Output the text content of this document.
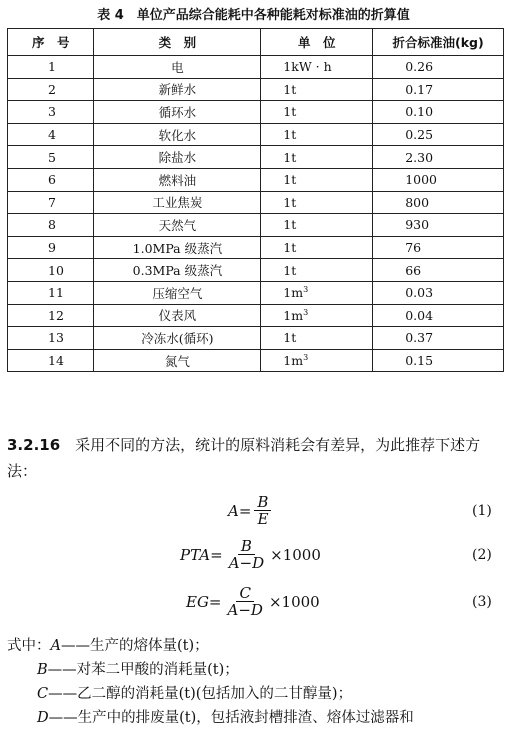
表 4　单位产品综合能耗中各种能耗对标准油的折算值
序　号	类　别	单　位	折合标准油(kg)
1	电	1kW · h	0.26
2	新鲜水	1t	0.17
3	循环水	1t	0.10
4	软化水	1t	0.25
5	除盐水	1t	2.30
6	燃料油	1t	1000
7	工业焦炭	1t	800
8	天然气	1t	930
9	1.0MPa 级蒸汽	1t	76
10	0.3MPa 级蒸汽	1t	66
11	压缩空气	$1m^3$	0.03
12	仪表风	$1m^3$	0.04
13	冷冻水(循环)	1t	0.37
14	氮气	$1m^3$	0.15
3.2.16　采用不同的方法，统计的原料消耗会有差异，为此推荐下述方法：
$A= \frac{B}{E}$	(1)
$PTA= \frac{B}{A-D} \times 1000$	(2)
$EG= \frac{C}{A-D} \times 1000$	(3)
式中：A——生产的熔体量(t)；
B——对苯二甲酸的消耗量(t)；
C——乙二醇的消耗量(t)(包括加入的二甘醇量)；
D——生产中的排废量(t)，包括液封槽排渣、熔体过滤器和
